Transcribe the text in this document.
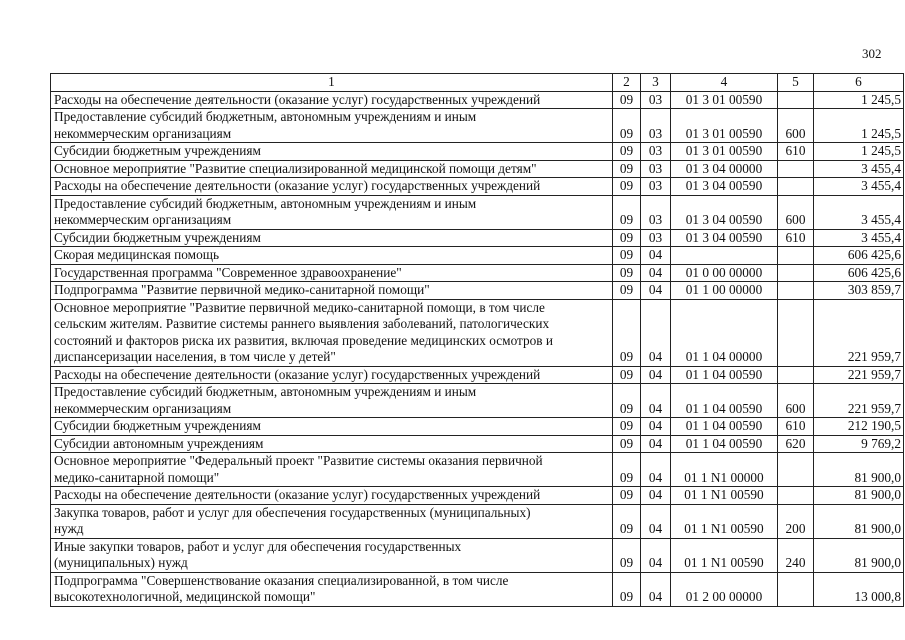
302
1	2	3	4	5	6
Расходы на обеспечение деятельности (оказание услуг) государственных учреждений	09	03	01 3 01 00590		1 245,5
Предоставление субсидий бюджетным, автономным учреждениям и иным
некоммерческим организациям	09	03	01 3 01 00590	600	1 245,5
Субсидии бюджетным учреждениям	09	03	01 3 01 00590	610	1 245,5
Основное мероприятие "Развитие специализированной медицинской помощи детям"	09	03	01 3 04 00000		3 455,4
Расходы на обеспечение деятельности (оказание услуг) государственных учреждений	09	03	01 3 04 00590		3 455,4
Предоставление субсидий бюджетным, автономным учреждениям и иным
некоммерческим организациям	09	03	01 3 04 00590	600	3 455,4
Субсидии бюджетным учреждениям	09	03	01 3 04 00590	610	3 455,4
Скорая медицинская помощь	09	04			606 425,6
Государственная программа "Современное здравоохранение"	09	04	01 0 00 00000		606 425,6
Подпрограмма "Развитие первичной медико-санитарной помощи"	09	04	01 1 00 00000		303 859,7
Основное мероприятие "Развитие первичной медико-санитарной помощи, в том числе
сельским жителям. Развитие системы раннего выявления заболеваний, патологических
состояний и факторов риска их развития, включая проведение медицинских осмотров и
диспансеризации населения, в том числе у детей"	09	04	01 1 04 00000		221 959,7
Расходы на обеспечение деятельности (оказание услуг) государственных учреждений	09	04	01 1 04 00590		221 959,7
Предоставление субсидий бюджетным, автономным учреждениям и иным
некоммерческим организациям	09	04	01 1 04 00590	600	221 959,7
Субсидии бюджетным учреждениям	09	04	01 1 04 00590	610	212 190,5
Субсидии автономным учреждениям	09	04	01 1 04 00590	620	9 769,2
Основное мероприятие "Федеральный проект "Развитие системы оказания первичной
медико-санитарной помощи"	09	04	01 1 N1 00000		81 900,0
Расходы на обеспечение деятельности (оказание услуг) государственных учреждений	09	04	01 1 N1 00590		81 900,0
Закупка товаров, работ и услуг для обеспечения государственных (муниципальных)
нужд	09	04	01 1 N1 00590	200	81 900,0
Иные закупки товаров, работ и услуг для обеспечения государственных
(муниципальных) нужд	09	04	01 1 N1 00590	240	81 900,0
Подпрограмма "Совершенствование оказания специализированной, в том числе
высокотехнологичной, медицинской помощи"	09	04	01 2 00 00000		13 000,8
